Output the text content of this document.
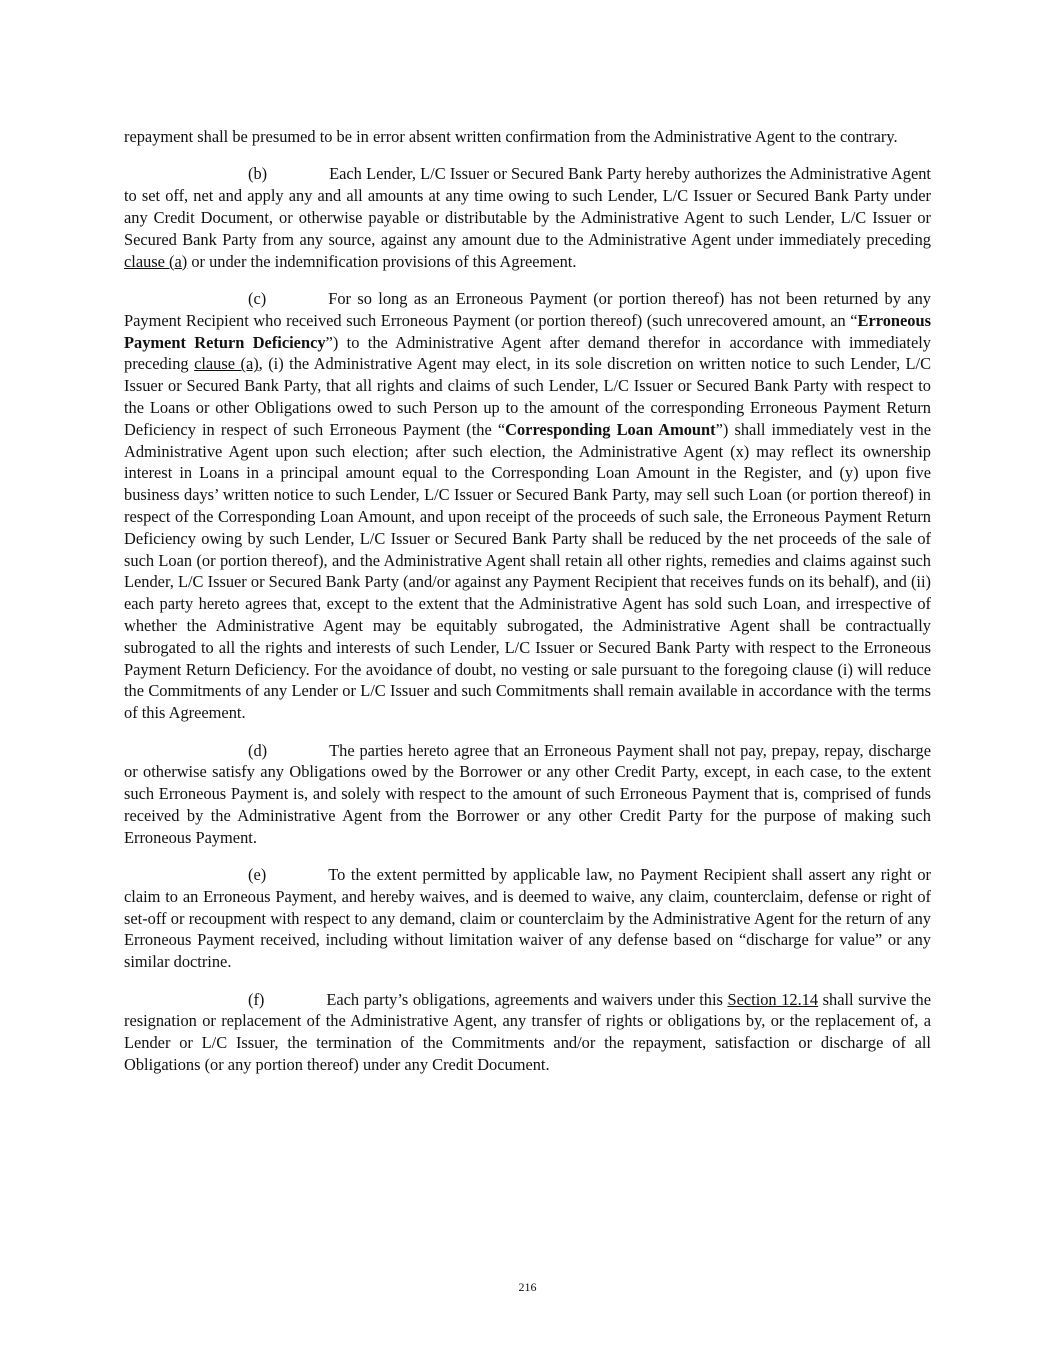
repayment shall be presumed to be in error absent written confirmation from the Administrative Agent to the contrary.

(b)	Each Lender, L/C Issuer or Secured Bank Party hereby authorizes the Administrative Agent to set off, net and apply any and all amounts at any time owing to such Lender, L/C Issuer or Secured Bank Party under any Credit Document, or otherwise payable or distributable by the Administrative Agent to such Lender, L/C Issuer or Secured Bank Party from any source, against any amount due to the Administrative Agent under immediately preceding clause (a) or under the indemnification provisions of this Agreement.

(c)	For so long as an Erroneous Payment (or portion thereof) has not been returned by any Payment Recipient who received such Erroneous Payment (or portion thereof) (such unrecovered amount, an “Erroneous Payment Return Deficiency”) to the Administrative Agent after demand therefor in accordance with immediately preceding clause (a), (i) the Administrative Agent may elect, in its sole discretion on written notice to such Lender, L/C Issuer or Secured Bank Party, that all rights and claims of such Lender, L/C Issuer or Secured Bank Party with respect to the Loans or other Obligations owed to such Person up to the amount of the corresponding Erroneous Payment Return Deficiency in respect of such Erroneous Payment (the “Corresponding Loan Amount”) shall immediately vest in the Administrative Agent upon such election; after such election, the Administrative Agent (x) may reflect its ownership interest in Loans in a principal amount equal to the Corresponding Loan Amount in the Register, and (y) upon five business days’ written notice to such Lender, L/C Issuer or Secured Bank Party, may sell such Loan (or portion thereof) in respect of the Corresponding Loan Amount, and upon receipt of the proceeds of such sale, the Erroneous Payment Return Deficiency owing by such Lender, L/C Issuer or Secured Bank Party shall be reduced by the net proceeds of the sale of such Loan (or portion thereof), and the Administrative Agent shall retain all other rights, remedies and claims against such Lender, L/C Issuer or Secured Bank Party (and/or against any Payment Recipient that receives funds on its behalf), and (ii) each party hereto agrees that, except to the extent that the Administrative Agent has sold such Loan, and irrespective of whether the Administrative Agent may be equitably subrogated, the Administrative Agent shall be contractually subrogated to all the rights and interests of such Lender, L/C Issuer or Secured Bank Party with respect to the Erroneous Payment Return Deficiency. For the avoidance of doubt, no vesting or sale pursuant to the foregoing clause (i) will reduce the Commitments of any Lender or L/C Issuer and such Commitments shall remain available in accordance with the terms of this Agreement.

(d)	The parties hereto agree that an Erroneous Payment shall not pay, prepay, repay, discharge or otherwise satisfy any Obligations owed by the Borrower or any other Credit Party, except, in each case, to the extent such Erroneous Payment is, and solely with respect to the amount of such Erroneous Payment that is, comprised of funds received by the Administrative Agent from the Borrower or any other Credit Party for the purpose of making such Erroneous Payment.

(e)	To the extent permitted by applicable law, no Payment Recipient shall assert any right or claim to an Erroneous Payment, and hereby waives, and is deemed to waive, any claim, counterclaim, defense or right of set-off or recoupment with respect to any demand, claim or counterclaim by the Administrative Agent for the return of any Erroneous Payment received, including without limitation waiver of any defense based on “discharge for value” or any similar doctrine.

(f)	Each party’s obligations, agreements and waivers under this Section 12.14 shall survive the resignation or replacement of the Administrative Agent, any transfer of rights or obligations by, or the replacement of, a Lender or L/C Issuer, the termination of the Commitments and/or the repayment, satisfaction or discharge of all Obligations (or any portion thereof) under any Credit Document.

216
